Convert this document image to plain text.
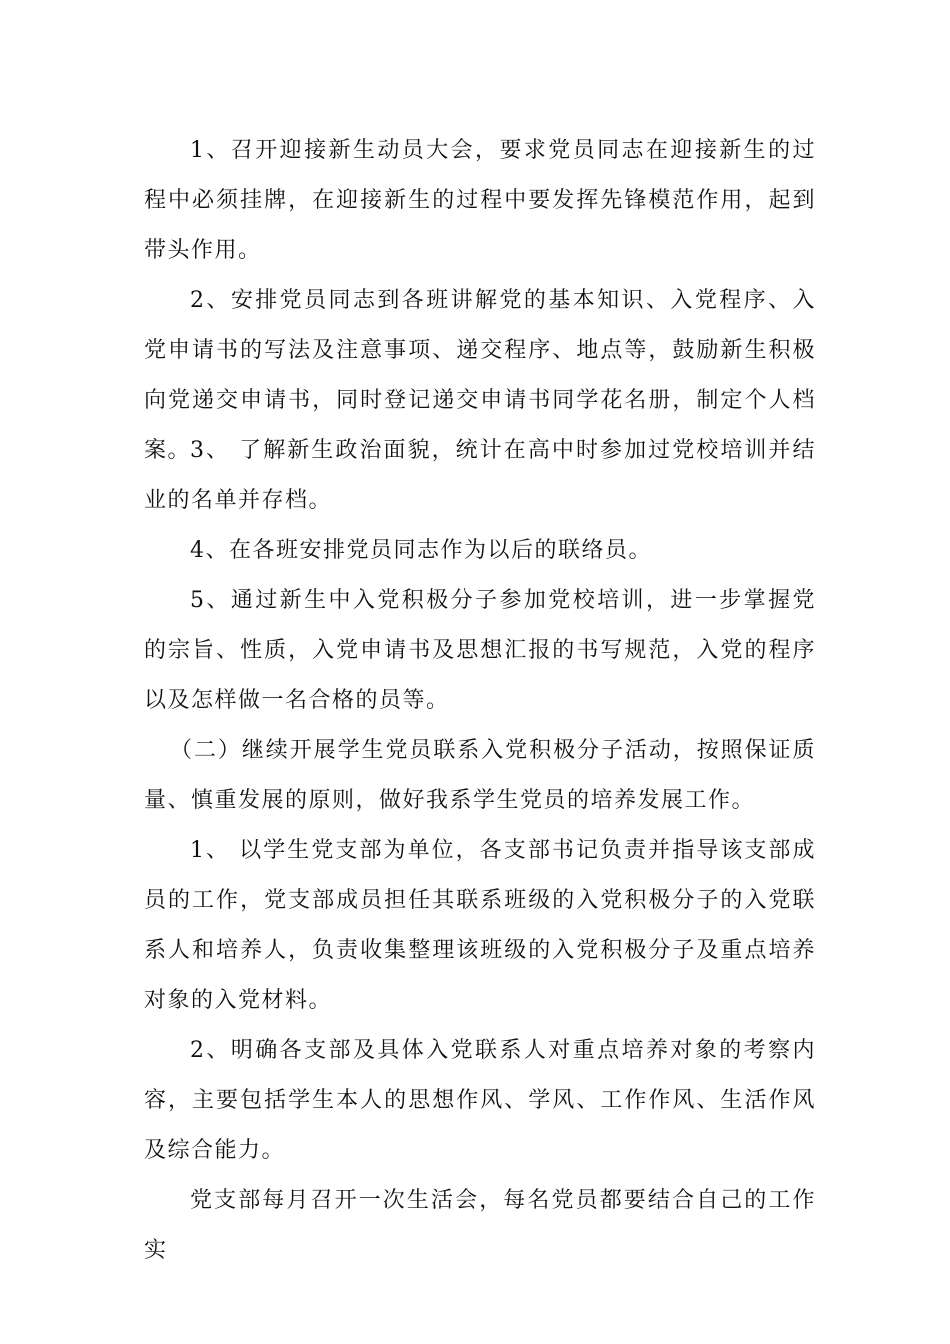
1、召开迎接新生动员大会，要求党员同志在迎接新生的过程中必须挂牌，在迎接新生的过程中要发挥先锋模范作用，起到带头作用。

2、安排党员同志到各班讲解党的基本知识、入党程序、入党申请书的写法及注意事项、递交程序、地点等，鼓励新生积极向党递交申请书，同时登记递交申请书同学花名册，制定个人档案。

3、 了解新生政治面貌，统计在高中时参加过党校培训并结业的名单并存档。

4、在各班安排党员同志作为以后的联络员。

5、通过新生中入党积极分子参加党校培训，进一步掌握党的宗旨、性质，入党申请书及思想汇报的书写规范，入党的程序以及怎样做一名合格的员等。

（二）继续开展学生党员联系入党积极分子活动，按照保证质量、慎重发展的原则，做好我系学生党员的培养发展工作。

1、 以学生党支部为单位，各支部书记负责并指导该支部成员的工作，党支部成员担任其联系班级的入党积极分子的入党联系人和培养人，负责收集整理该班级的入党积极分子及重点培养对象的入党材料。

2、明确各支部及具体入党联系人对重点培养对象的考察内容，主要包括学生本人的思想作风、学风、工作作风、生活作风及综合能力。

党支部每月召开一次生活会，每名党员都要结合自己的工作实
